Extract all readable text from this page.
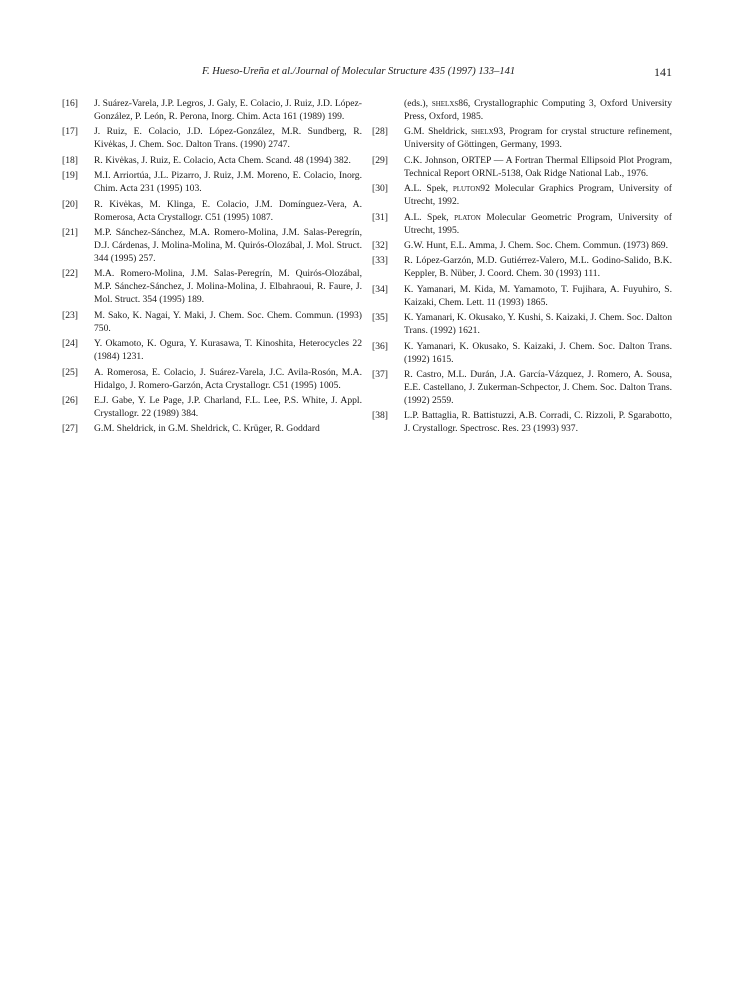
F. Hueso-Ureña et al./Journal of Molecular Structure 435 (1997) 133–141	141
[16] J. Suárez-Varela, J.P. Legros, J. Galy, E. Colacio, J. Ruiz, J.D. López-González, P. León, R. Perona, Inorg. Chim. Acta 161 (1989) 199.
[17] J. Ruiz, E. Colacio, J.D. López-González, M.R. Sundberg, R. Kivėkas, J. Chem. Soc. Dalton Trans. (1990) 2747.
[18] R. Kivėkas, J. Ruiz, E. Colacio, Acta Chem. Scand. 48 (1994) 382.
[19] M.I. Arriortúa, J.L. Pizarro, J. Ruiz, J.M. Moreno, E. Colacio, Inorg. Chim. Acta 231 (1995) 103.
[20] R. Kivėkas, M. Klinga, E. Colacio, J.M. Domínguez-Vera, A. Romerosa, Acta Crystallogr. C51 (1995) 1087.
[21] M.P. Sánchez-Sánchez, M.A. Romero-Molina, J.M. Salas-Peregrín, D.J. Cárdenas, J. Molina-Molina, M. Quirós-Olozábal, J. Mol. Struct. 344 (1995) 257.
[22] M.A. Romero-Molina, J.M. Salas-Peregrín, M. Quirós-Olozábal, M.P. Sánchez-Sánchez, J. Molina-Molina, J. Elbahraoui, R. Faure, J. Mol. Struct. 354 (1995) 189.
[23] M. Sako, K. Nagai, Y. Maki, J. Chem. Soc. Chem. Commun. (1993) 750.
[24] Y. Okamoto, K. Ogura, Y. Kurasawa, T. Kinoshita, Heterocycles 22 (1984) 1231.
[25] A. Romerosa, E. Colacio, J. Suárez-Varela, J.C. Avila-Rosón, M.A. Hidalgo, J. Romero-Garzón, Acta Crystallogr. C51 (1995) 1005.
[26] E.J. Gabe, Y. Le Page, J.P. Charland, F.L. Lee, P.S. White, J. Appl. Crystallogr. 22 (1989) 384.
[27] G.M. Sheldrick, in G.M. Sheldrick, C. Krüger, R. Goddard
(eds.), shelxs86, Crystallographic Computing 3, Oxford University Press, Oxford, 1985.
[28] G.M. Sheldrick, shelx93, Program for crystal structure refinement, University of Göttingen, Germany, 1993.
[29] C.K. Johnson, ORTEP — A Fortran Thermal Ellipsoid Plot Program, Technical Report ORNL-5138, Oak Ridge National Lab., 1976.
[30] A.L. Spek, pluton92 Molecular Graphics Program, University of Utrecht, 1992.
[31] A.L. Spek, platon Molecular Geometric Program, University of Utrecht, 1995.
[32] G.W. Hunt, E.L. Amma, J. Chem. Soc. Chem. Commun. (1973) 869.
[33] R. López-Garzón, M.D. Gutiérrez-Valero, M.L. Godino-Salido, B.K. Keppler, B. Nüber, J. Coord. Chem. 30 (1993) 111.
[34] K. Yamanari, M. Kida, M. Yamamoto, T. Fujihara, A. Fuyuhiro, S. Kaizaki, Chem. Lett. 11 (1993) 1865.
[35] K. Yamanari, K. Okusako, Y. Kushi, S. Kaizaki, J. Chem. Soc. Dalton Trans. (1992) 1621.
[36] K. Yamanari, K. Okusako, S. Kaizaki, J. Chem. Soc. Dalton Trans. (1992) 1615.
[37] R. Castro, M.L. Durán, J.A. García-Vázquez, J. Romero, A. Sousa, E.E. Castellano, J. Zukerman-Schpector, J. Chem. Soc. Dalton Trans. (1992) 2559.
[38] L.P. Battaglia, R. Battistuzzi, A.B. Corradi, C. Rizzoli, P. Sgarabotto, J. Crystallogr. Spectrosc. Res. 23 (1993) 937.
